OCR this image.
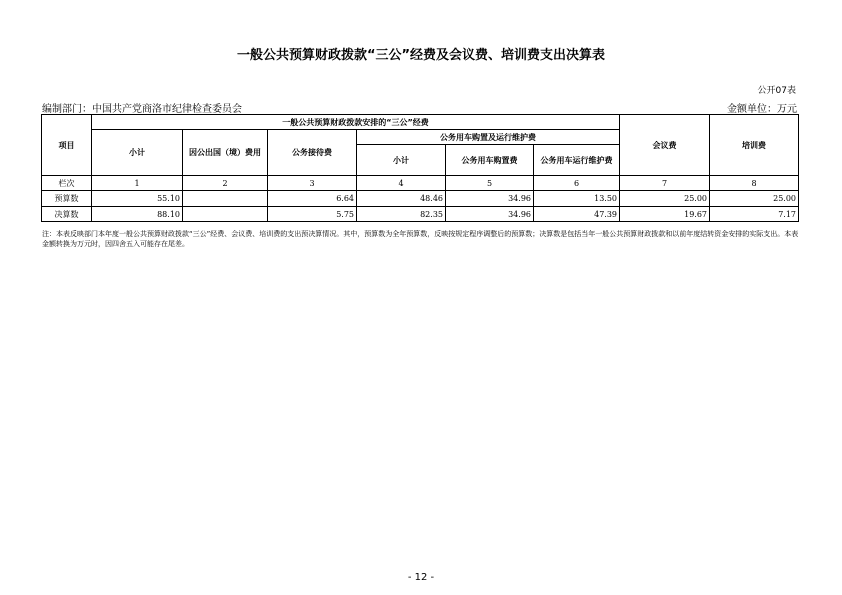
一般公共预算财政拨款“三公”经费及会议费、培训费支出决算表
公开07表
编制部门：中国共产党商洛市纪律检查委员会	金额单位：万元
项目	一般公共预算财政拨款安排的“三公”经费						会议费	培训费
	小计	因公出国（境）费用	公务接待费	公务用车购置及运行维护费				
				小计	公务用车购置费	公务用车运行维护费		
栏次	1	2	3	4	5	6	7	8
预算数	55.10		6.64	48.46	34.96	13.50	25.00	25.00
决算数	88.10		5.75	82.35	34.96	47.39	19.67	7.17
注：本表反映部门本年度一般公共预算财政拨款“三公”经费、会议费、培训费的支出预决算情况。其中，预算数为全年预算数，反映按规定程序调整后的预算数；决算数是包括当年一般公共预算财政拨款和以前年度结转资金安排的实际支出。本表金额转换为万元时，因四舍五入可能存在尾差。
- 12 -
